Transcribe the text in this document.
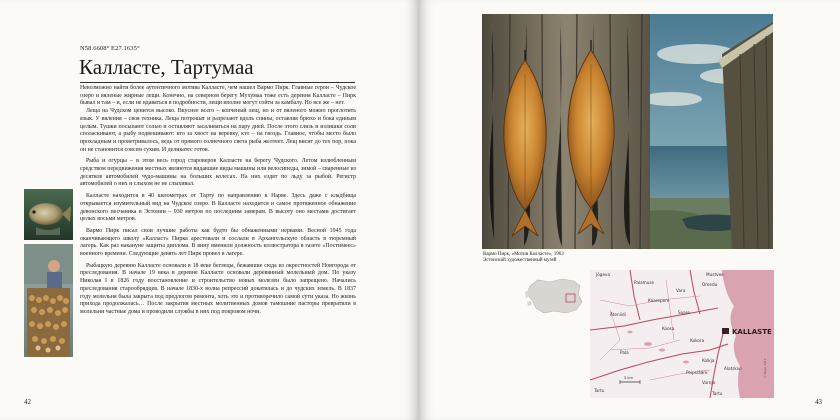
N58.6608° E27.1635°
Калласте, Тартумаа

Невозможно найти более аутентичного мотива Калласте, чем нашел Вармо Пирк. Главные герои – Чудское озеро и вяленые жирные лещи. Конечно, на северном берегу Мухумаа тоже есть деревня Калласте – Пирк бывал и там – и, если не вдаваться в подробности, лещи вполне могут сойти за камбалу. Но все же – нет.

Леща на Чудском ценится высоко. Вкуснее всего – копченый лещ, но и от вяленого можно проглотить язык. У вяления – своя техника. Леща потрошат и разрезают вдоль спины, оставляя брюхо и бока единым целым. Тушки посыпают солью и оставляют засаливаться на пару дней. После этого слизь и излишки соли споласкивают, а рыбу подвешивают: кто за хвост на веревку, кто – на гвоздь. Главное, чтобы место было прохладным и проветривалось, ведь от прямого солнечного света рыба желтеет. Лещ висит до тех пор, пока он не становится совсем сухим. И деликатес готов.

Рыба и огурцы – в этом весь город староверов Калласте на берегу Чудского. Летом излюбленным средством передвижения местных являются видавшие виды машины или велосипеды, зимой – сваренные из десятков автомобилей чудо-машины на больших колесах. На них ездят по льду за рыбой. Регистр автомобилей о них и слыхом не не слыхивал.

Калласте находится в 40 километрах от Тарту по направлению к Нарве. Здесь даже с кладбища открывается изумительный вид на Чудское озеро. В Калласте находится и самое протяженное обнажение девонского песчаника в Эстонии – 930 метров по последним замерам. В высоту оно местами достигает целых восьми метров.

Вармо Пирк писал свои лучшие работы как будто бы обнаженными нервами. Весной 1945 года оканчивающего школу «Калласт» Пирка арестовали и сослали в Архангельскую область в тюремный лагерь. Как раз накануне защиты диплома. В вину вменили должность иллюстратора в газете «Постимеес» военного времени. Следующие девять лет Пирк провел в лагере.

Рыбацкую деревню Калласте основали в 18 веке беглецы, бежавшие сюда из окрестностей Новгорода от преследования. В начале 19 века в деревне Калласте основали деревянный молельный дом. По указу Николая I в 1826 году восстановление и строительство новых молелен было запрещено. Начались преследования старообрядцев. В начале 1830-х волна репрессий докатилась и до чудских земель. В 1837 году молельня была закрыта под предлогом ремонта, хоть это и противоречило самой сути указа. Но жизнь прихода продолжалась… После закрытия местных молитвенных домов тамошние пасторы превратили в молельни частные дома и проводили службы в них под покровом ночи.

42	43
Вармо Пирк, «Мотив Калласте», 1963
Эстонский художественный музей
Palamuse
Kaarepere
Vara
Koosa
Kokora
Omedu
Saare
Peipsiääre
Kolkja
Varnja
Pala
Äteniidi
Jõgeva	Mustvee
Tartu
Tartu
Alatskivi
KALLASTE
5 km	© Regio 2015
